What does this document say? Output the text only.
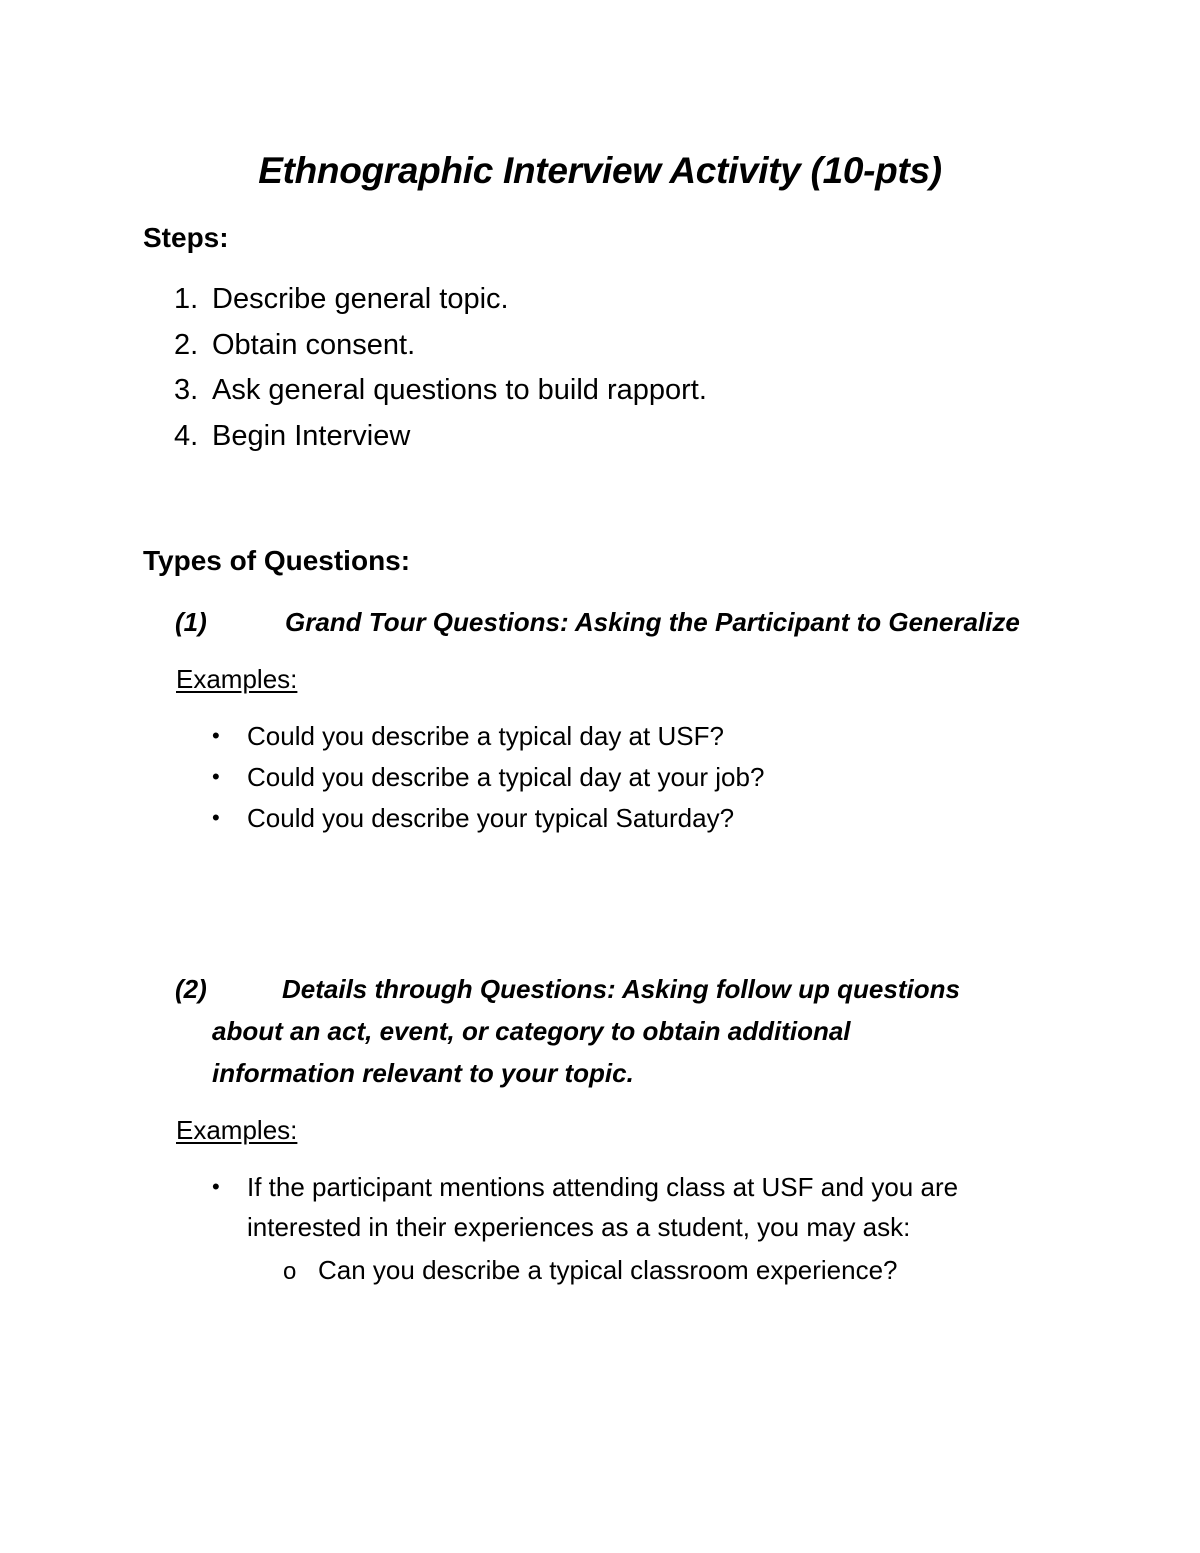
Ethnographic Interview Activity (10-pts)
Steps:
1. Describe general topic.
2. Obtain consent.
3. Ask general questions to build rapport.
4. Begin Interview
Types of Questions:
(1)	Grand Tour Questions: Asking the Participant to Generalize
Examples:
• Could you describe a typical day at USF?
• Could you describe a typical day at your job?
• Could you describe your typical Saturday?
(2)	Details through Questions: Asking follow up questions
about an act, event, or category to obtain additional
information relevant to your topic.
Examples:
• If the participant mentions attending class at USF and you are
interested in their experiences as a student, you may ask:
o Can you describe a typical classroom experience?
